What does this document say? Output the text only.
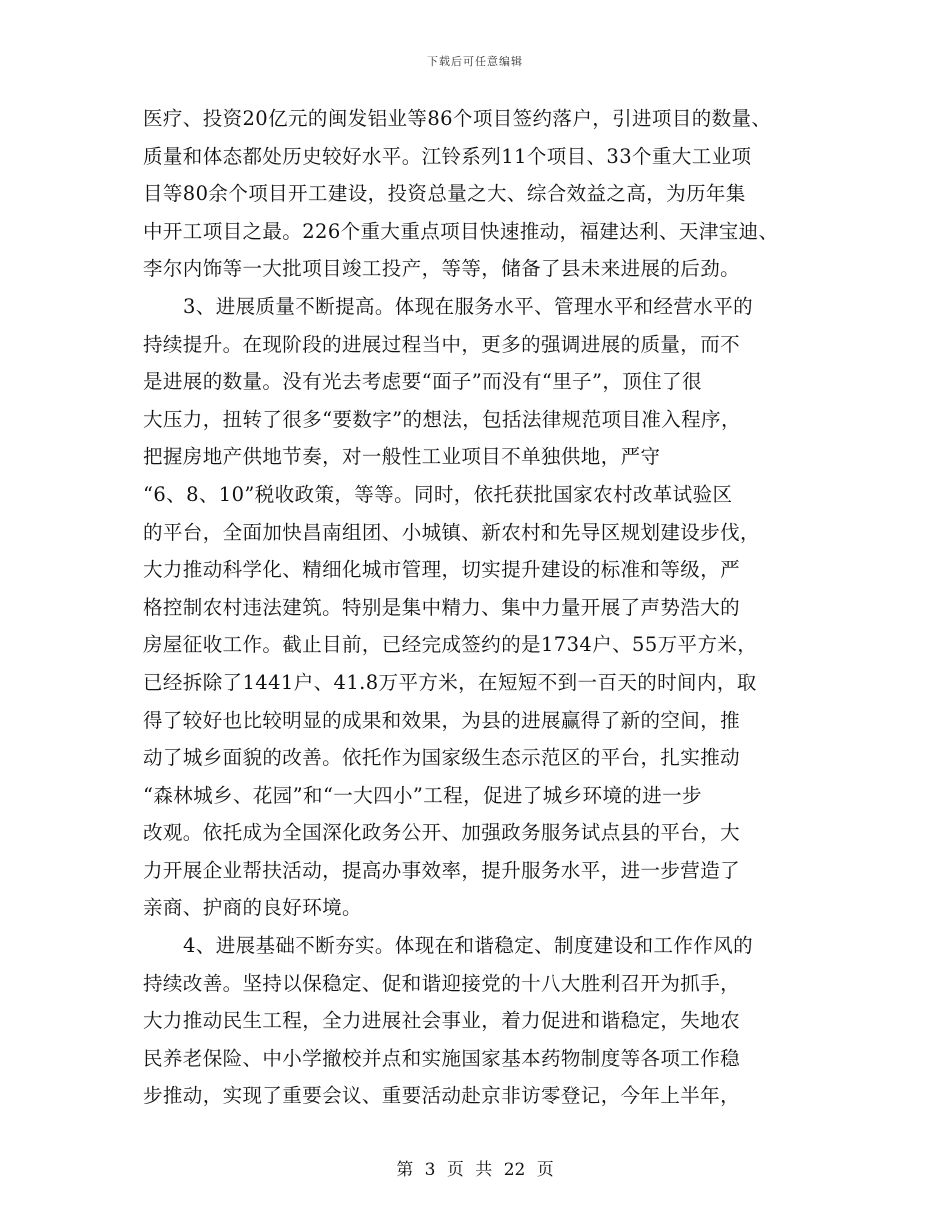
下载后可任意编辑
医疗、投资20亿元的闽发铝业等86个项目签约落户，引进项目的数量、
质量和体态都处历史较好水平。江铃系列11个项目、33个重大工业项
目等80余个项目开工建设，投资总量之大、综合效益之高，为历年集
中开工项目之最。226个重大重点项目快速推动，福建达利、天津宝迪、
李尔内饰等一大批项目竣工投产，等等，储备了县未来进展的后劲。
3、进展质量不断提高。体现在服务水平、管理水平和经营水平的
持续提升。在现阶段的进展过程当中，更多的强调进展的质量，而不
是进展的数量。没有光去考虑要“面子”而没有“里子”，顶住了很
大压力，扭转了很多“要数字”的想法，包括法律规范项目准入程序，
把握房地产供地节奏，对一般性工业项目不单独供地，严守
“6、8、10”税收政策，等等。同时，依托获批国家农村改革试验区
的平台，全面加快昌南组团、小城镇、新农村和先导区规划建设步伐，
大力推动科学化、精细化城市管理，切实提升建设的标准和等级，严
格控制农村违法建筑。特别是集中精力、集中力量开展了声势浩大的
房屋征收工作。截止目前，已经完成签约的是1734户、55万平方米，
已经拆除了1441户、41.8万平方米，在短短不到一百天的时间内，取
得了较好也比较明显的成果和效果，为县的进展赢得了新的空间，推
动了城乡面貌的改善。依托作为国家级生态示范区的平台，扎实推动
“森林城乡、花园”和“一大四小”工程，促进了城乡环境的进一步
改观。依托成为全国深化政务公开、加强政务服务试点县的平台，大
力开展企业帮扶活动，提高办事效率，提升服务水平，进一步营造了
亲商、护商的良好环境。
4、进展基础不断夯实。体现在和谐稳定、制度建设和工作作风的
持续改善。坚持以保稳定、促和谐迎接党的十八大胜利召开为抓手，
大力推动民生工程，全力进展社会事业，着力促进和谐稳定，失地农
民养老保险、中小学撤校并点和实施国家基本药物制度等各项工作稳
步推动，实现了重要会议、重要活动赴京非访零登记，今年上半年，
第 3 页 共 22 页
